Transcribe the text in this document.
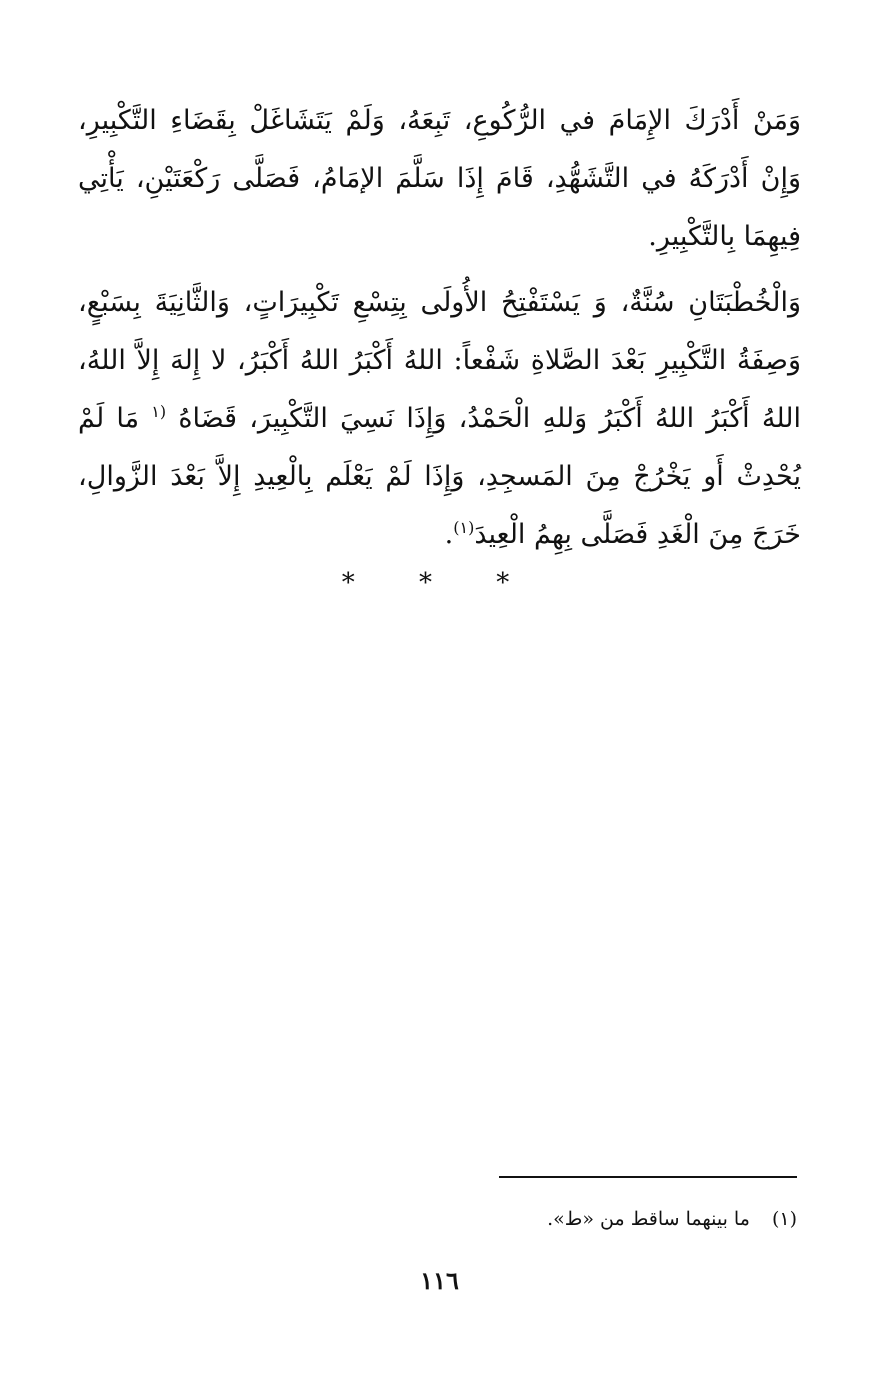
وَمَنْ أَدْرَكَ الإِمَامَ في الرُّكُوعِ، تَبِعَهُ، وَلَمْ يَتَشَاغَلْ بِقَضَاءِ التَّكْبِيرِ، وَإِنْ أَدْرَكَهُ في التَّشَهُّدِ، قَامَ إِذَا سَلَّمَ الإمَامُ، فَصَلَّى رَكْعَتَيْنِ، يَأْتِي فِيهِمَا بِالتَّكْبِيرِ.

وَالْخُطْبَتَانِ سُنَّةٌ، وَ يَسْتَفْتِحُ الأُولَى بِتِسْعِ تَكْبِيرَاتٍ، وَالثَّانِيَةَ بِسَبْعٍ، وَصِفَةُ التَّكْبِيرِ بَعْدَ الصَّلاةِ شَفْعاً: اللهُ أَكْبَرُ اللهُ أَكْبَرُ، لا إِلهَ إِلاَّ اللهُ، اللهُ أَكْبَرُ اللهُ أَكْبَرُ وَللهِ الْحَمْدُ، وَإِذَا نَسِيَ التَّكْبِيرَ، قَضَاهُ $^{(١}$ مَا لَمْ يُحْدِثْ أَو يَخْرُجْ مِنَ المَسجِدِ، وَإِذَا لَمْ يَعْلَم بِالْعِيدِ إِلاَّ بَعْدَ الزَّوالِ، خَرَجَ مِنَ الْغَدِ فَصَلَّى بِهِمُ الْعِيدَ$^{(١)}$.

* * *
(١) ما بينهما ساقط من «ط».
١١٦
